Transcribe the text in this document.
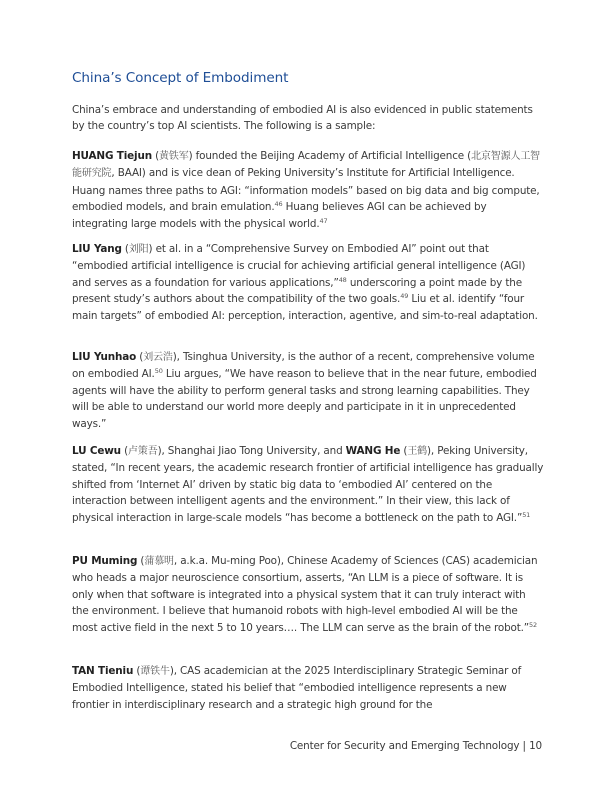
China’s Concept of Embodiment

China’s embrace and understanding of embodied AI is also evidenced in public statements by the country’s top AI scientists. The following is a sample:

HUANG Tiejun (黄铁军) founded the Beijing Academy of Artificial Intelligence (北京智源人工智能研究院, BAAI) and is vice dean of Peking University’s Institute for Artificial Intelligence. Huang names three paths to AGI: “information models” based on big data and big compute, embodied models, and brain emulation.$^{46}$ Huang believes AGI can be achieved by integrating large models with the physical world.$^{47}$

LIU Yang (刘阳) et al. in a “Comprehensive Survey on Embodied AI” point out that “embodied artificial intelligence is crucial for achieving artificial general intelligence (AGI) and serves as a foundation for various applications,”$^{48}$ underscoring a point made by the present study’s authors about the compatibility of the two goals.$^{49}$ Liu et al. identify “four main targets” of embodied AI: perception, interaction, agentive, and sim-to-real adaptation.

LIU Yunhao (刘云浩), Tsinghua University, is the author of a recent, comprehensive volume on embodied AI.$^{50}$ Liu argues, “We have reason to believe that in the near future, embodied agents will have the ability to perform general tasks and strong learning capabilities. They will be able to understand our world more deeply and participate in it in unprecedented ways.”

LU Cewu (卢策吾), Shanghai Jiao Tong University, and WANG He (王鹤), Peking University, stated, “In recent years, the academic research frontier of artificial intelligence has gradually shifted from ‘Internet AI’ driven by static big data to ‘embodied AI’ centered on the interaction between intelligent agents and the environment.” In their view, this lack of physical interaction in large-scale models “has become a bottleneck on the path to AGI.”$^{51}$

PU Muming (蒲慕明, a.k.a. Mu-ming Poo), Chinese Academy of Sciences (CAS) academician who heads a major neuroscience consortium, asserts, “An LLM is a piece of software. It is only when that software is integrated into a physical system that it can truly interact with the environment. I believe that humanoid robots with high-level embodied AI will be the most active field in the next 5 to 10 years…. The LLM can serve as the brain of the robot.”$^{52}$

TAN Tieniu (谭铁牛), CAS academician at the 2025 Interdisciplinary Strategic Seminar of Embodied Intelligence, stated his belief that “embodied intelligence represents a new frontier in interdisciplinary research and a strategic high ground for the

Center for Security and Emerging Technology | 10
